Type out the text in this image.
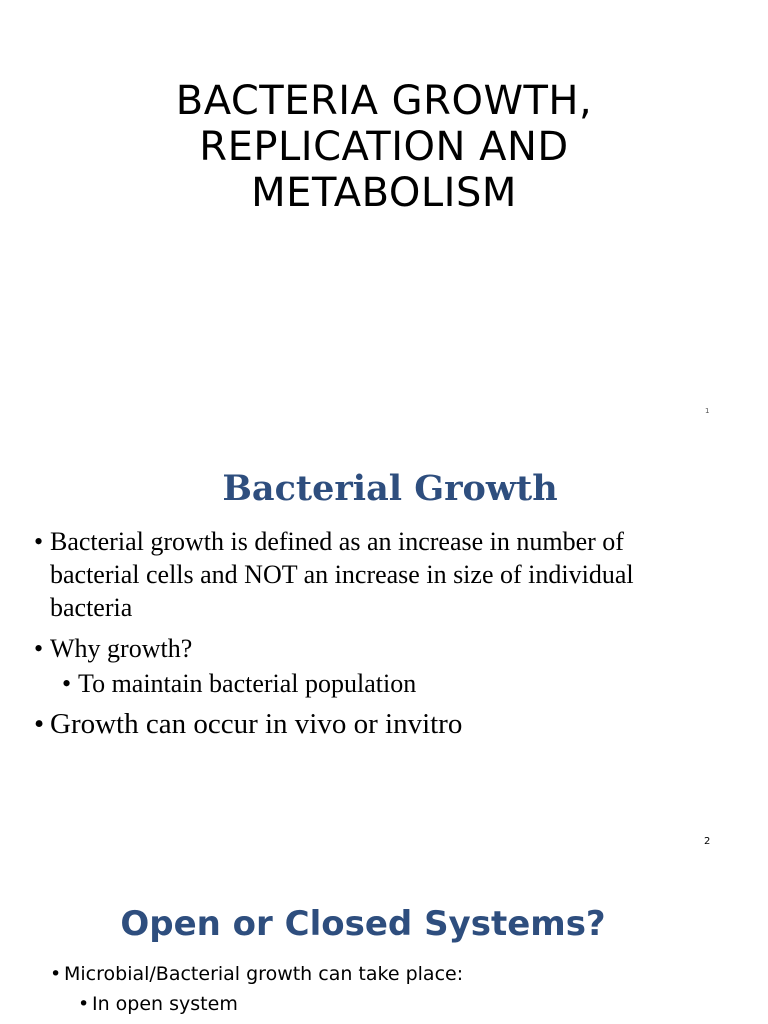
BACTERIA GROWTH,
REPLICATION AND
METABOLISM
1
Bacterial Growth
• Bacterial growth is defined as an increase in number of bacterial cells and NOT an increase in size of individual bacteria
• Why growth?
• To maintain bacterial population
• Growth can occur in vivo or invitro
2
Open or Closed Systems?
• Microbial/Bacterial growth can take place:
• In open system
